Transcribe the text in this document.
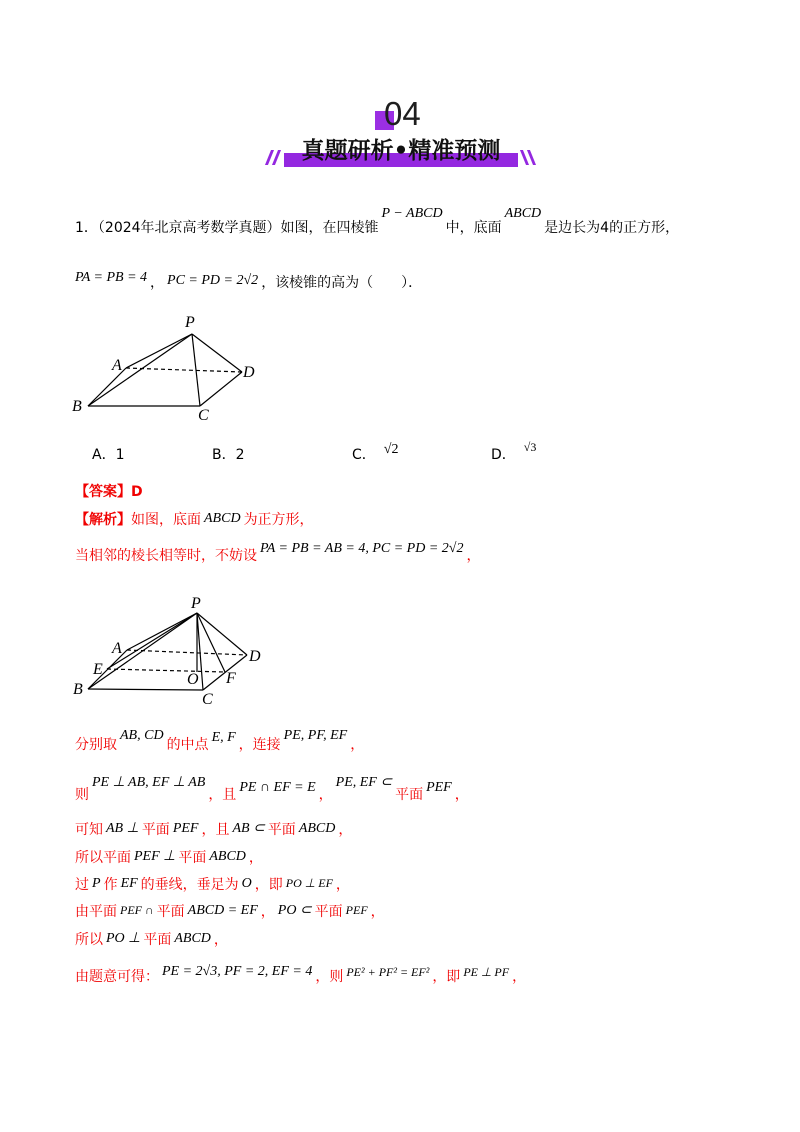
04
真题研析•精准预测
1．（2024年北京高考数学真题）如图，在四棱锥
P − ABCD
中，底面
ABCD
是边长为4的正方形，
PA = PB = 4 ， PC = PD = 2√2 ，该棱锥的高为（　　）．
P
A	D
B
C
A． 1	B． 2	C． √2	D． √3
【答案】 D
【解析】 如图，底面 ABCD 为正方形，
当相邻的棱长相等时，不妨设 PA = PB = AB = 4, PC = PD = 2√2 ，
P
A	D
E
O F
B
C
分别取
AB, CD
的中点 E, F ，连接
PE, PF, EF
，
则
PE ⊥ AB, EF ⊥ AB
，且 PE ∩ EF = E ，
PE, EF ⊂
平面 PEF ，
可知 AB ⊥ 平面 PEF ，且 AB ⊂ 平面 ABCD ，
所以平面 PEF ⊥ 平面 ABCD ，
过 P 作 EF 的垂线，垂足为 O ，即 PO ⊥ EF ，
由平面 PEF ∩ 平面 ABCD = EF ， PO ⊂ 平面 PEF ，
所以 PO ⊥ 平面 ABCD ，
由题意可得： PE = 2√3, PF = 2, EF = 4 ，则 PE² + PF² = EF² ，即 PE ⊥ PF ，
